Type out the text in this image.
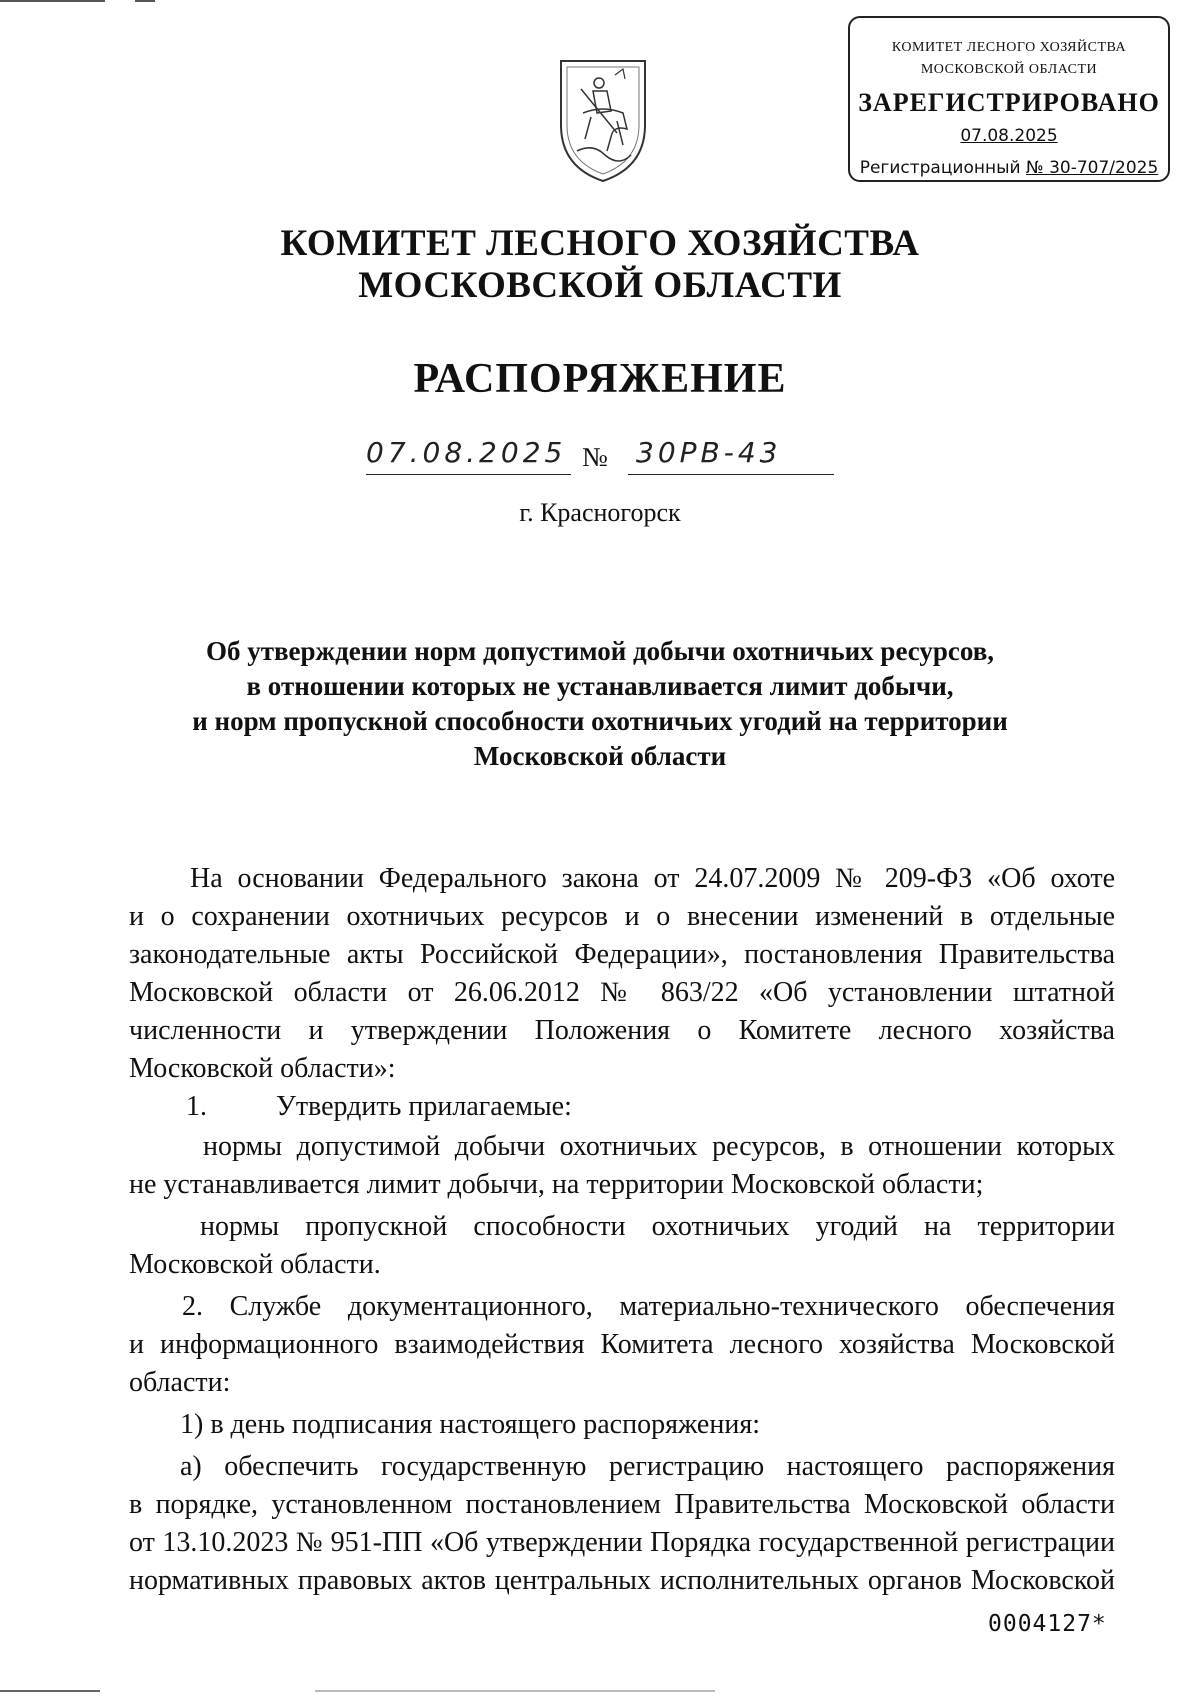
КОМИТЕТ ЛЕСНОГО ХОЗЯЙСТВА
МОСКОВСКОЙ ОБЛАСТИ
ЗАРЕГИСТРИРОВАНО
07.08.2025
Регистрационный № 30-707/2025
КОМИТЕТ ЛЕСНОГО ХОЗЯЙСТВА
МОСКОВСКОЙ ОБЛАСТИ
РАСПОРЯЖЕНИЕ
07.08.2025 № 30РВ-43
г. Красногорск
Об утверждении норм допустимой добычи охотничьих ресурсов,
в отношении которых не устанавливается лимит добычи,
и норм пропускной способности охотничьих угодий на территории
Московской области
На основании Федерального закона от 24.07.2009 № 209-ФЗ «Об охоте
и о сохранении охотничьих ресурсов и о внесении изменений в отдельные
законодательные акты Российской Федерации», постановления Правительства
Московской области от 26.06.2012 № 863/22 «Об установлении штатной
численности и утверждении Положения о Комитете лесного хозяйства
Московской области»:
1. Утвердить прилагаемые:
нормы допустимой добычи охотничьих ресурсов, в отношении которых
не устанавливается лимит добычи, на территории Московской области;
нормы пропускной способности охотничьих угодий на территории
Московской области.
2. Службе документационного, материально-технического обеспечения
и информационного взаимодействия Комитета лесного хозяйства Московской
области:
1) в день подписания настоящего распоряжения:
а) обеспечить государственную регистрацию настоящего распоряжения
в порядке, установленном постановлением Правительства Московской области
от 13.10.2023 № 951-ПП «Об утверждении Порядка государственной регистрации
нормативных правовых актов центральных исполнительных органов Московской
0004127*
